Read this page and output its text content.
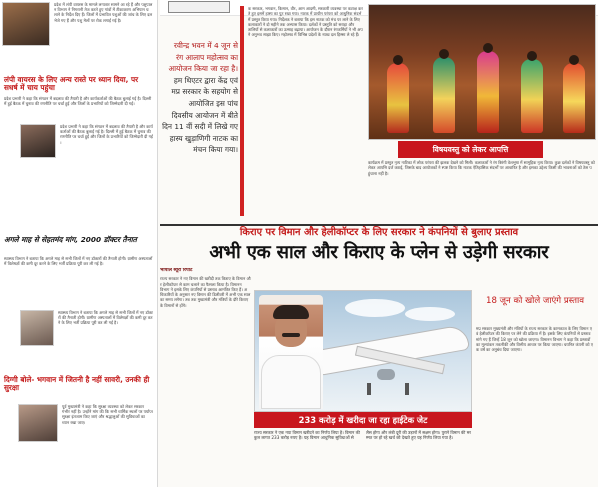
प्रदेश में लंपी वायरस के मामले लगातार सामने आ रहे हैं और पशुपालन विभाग ने निगरानी तेज करते हुए गांवों में टीकाकरण अभियान चलाने के निर्देश दिए हैं। जिलों में प्रभावित पशुओं की जांच के लिए दल भेजे गए हैं और पशु मेलों पर रोक लगाई गई है।
लंपी वायरस के लिए अन्य रास्ते पर ध्यान दिया, पर सधर्ष में चाय पहुंचा
प्रदेश प्रभारी ने कहा कि संगठन में बदलाव की तैयारी है और कार्यकर्ताओं की बैठक बुलाई गई है। दिल्ली में हुई बैठक में चुनाव की रणनीति पर चर्चा हुई और जिलों के प्रभारियों को जिम्मेदारी दी गई।
प्रदेश प्रभारी ने कहा कि संगठन में बदलाव की तैयारी है और कार्यकर्ताओं की बैठक बुलाई गई है। दिल्ली में हुई बैठक में चुनाव की रणनीति पर चर्चा हुई और जिलों के प्रभारियों को जिम्मेदारी दी गई।
अगले माह से सेहतमंद मांग, 2000 डॉक्टर तैनात
स्वास्थ्य विभाग ने बताया कि अगले माह से सभी जिलों में नए डॉक्टरों की तैनाती होगी। ग्रामीण अस्पतालों में विशेषज्ञों की कमी दूर करने के लिए भर्ती प्रक्रिया पूरी कर ली गई है।
स्वास्थ्य विभाग ने बताया कि अगले माह से सभी जिलों में नए डॉक्टरों की तैनाती होगी। ग्रामीण अस्पतालों में विशेषज्ञों की कमी दूर करने के लिए भर्ती प्रक्रिया पूरी कर ली गई है।
दिग्गी बोले- भगवान में जितनी है नहीं सावरी, उनकी ही सुरक्षा
पूर्व मुख्यमंत्री ने कहा कि सुरक्षा व्यवस्था को लेकर सरकार गंभीर नहीं है। उन्होंने मांग की कि सभी धार्मिक स्थलों पर पर्याप्त सुरक्षा इंतजाम किए जाएं और श्रद्धालुओं की सुविधाओं का ध्यान रखा जाए।
रवीन्द्र भवन में 4 जून से
रंग आलाप महोत्सव का
आयोजन किया जा रहा है।
हम थिएटर द्वारा केंद्र एवं
मप्र सरकार के सहयोग से
आयोजित इस पांच
दिवसीय आयोजन में बीते
दिन 11 वीं सदी में लिखे गए
हास्य खुड़ाणिगी नाटक का
मंचन किया गया।
क सरकार, भगवान, किसान, वीर, आम आदमी, सरकारी व्यवस्था पर कटाक्ष करते हुए इसमें हास्य का पुट रखा गया। नाटक में प्राचीन परंपरा को आधुनिक संदर्भ में प्रस्तुत किया गया। निर्देशक ने बताया कि इस नाटक को मंच पर लाने के लिए कलाकारों ने दो महीने तक अभ्यास किया। दर्शकों ने प्रस्तुति को सराहा और तालियों से कलाकारों का उत्साह बढ़ाया। आयोजन के दौरान रंगकर्मियों ने भी अपने अनुभव साझा किए। महोत्सव में विभिन्न प्रदेशों के नाट्य दल हिस्सा ले रहे हैं।
विषयवस्तु को लेकर आपत्ति
कार्यक्रम में प्रस्तुत नृत्य नाटिका में लोक परंपरा की झलक देखने को मिली। कलाकारों ने रंग बिरंगी वेशभूषा में सामूहिक नृत्य किया। कुछ दर्शकों ने विषयवस्तु को लेकर आपत्ति दर्ज कराई, जिसके बाद आयोजकों ने स्पष्ट किया कि नाटक ऐतिहासिक संदर्भों पर आधारित है और इसका उद्देश्य किसी की भावनाओं को ठेस पहुंचाना नहीं है।
किराए पर विमान और हेलीकॉप्टर के लिए सरकार ने कंपनियों से बुलाए प्रस्ताव
अभी एक साल और किराए के प्लेन से उड़ेगी सरकार
भोपाल ब्यूरो रिपोर्ट
राज्य सरकार ने नए विमान की खरीदी तक किराए के विमान और हेलीकॉप्टर से काम चलाने का फैसला किया है। विमानन विभाग ने इसके लिए कंपनियों से प्रस्ताव आमंत्रित किए हैं। अधिकारियों के अनुसार नए विमान की डिलीवरी में अभी एक साल का समय लगेगा। तब तक मुख्यमंत्री और मंत्रियों के दौरे किराए के विमानों से होंगे।
233 करोड़ में खरीदा जा रहा हाईटेक जेट
राज्य सरकार ने एक नया विमान खरीदने का निर्णय लिया है। विमान की कुल लागत 233 करोड़ रुपए है। यह विमान आधुनिक सुविधाओं से लैस होगा और लंबी दूरी की उड़ानों में सक्षम होगा। पुराने विमान की मरम्मत पर हो रहे खर्च को देखते हुए यह निर्णय लिया गया है।
18 जून को खोले जाएंगे प्रस्ताव
मप्र सरकार मुख्यमंत्री और मंत्रियों के राज्य सरकार के कामकाज के लिए विमान एवं हेलीकॉप्टर की किराए पर लेने की प्रक्रिया में है। इसके लिए कंपनियों से प्रस्ताव मांगे गए हैं जिन्हें 18 जून को खोला जाएगा। विमानन विभाग ने कहा कि प्रस्तावों का मूल्यांकन तकनीकी और वित्तीय आधार पर किया जाएगा। चयनित कंपनी को एक वर्ष का अनुबंध दिया जाएगा।
